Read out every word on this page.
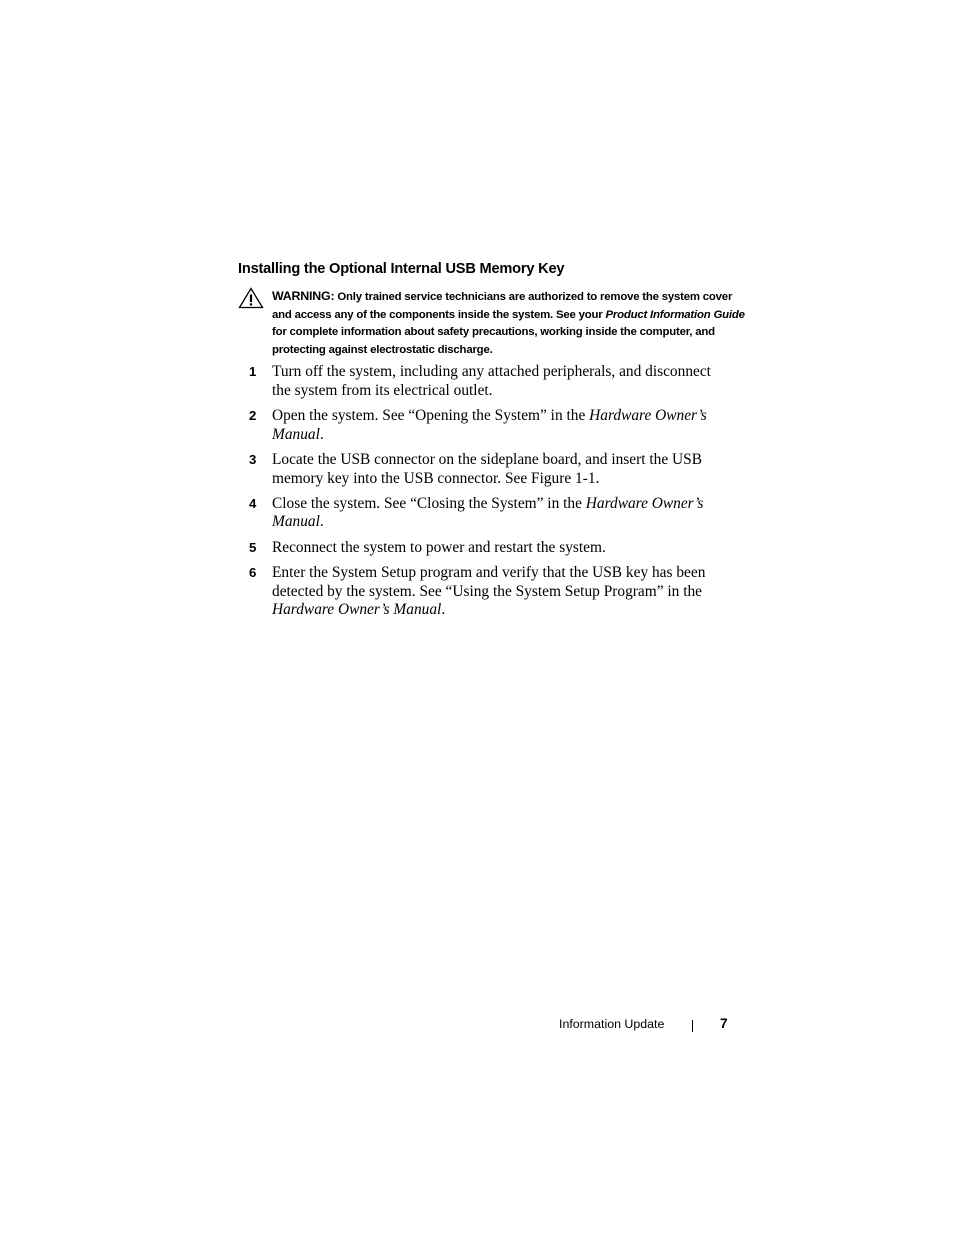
Installing the Optional Internal USB Memory Key
WARNING: Only trained service technicians are authorized to remove the system cover and access any of the components inside the system. See your Product Information Guide for complete information about safety precautions, working inside the computer, and protecting against electrostatic discharge.
1 Turn off the system, including any attached peripherals, and disconnect the system from its electrical outlet.
2 Open the system. See “Opening the System” in the Hardware Owner’s Manual.
3 Locate the USB connector on the sideplane board, and insert the USB memory key into the USB connector. See Figure 1-1.
4 Close the system. See “Closing the System” in the Hardware Owner’s Manual.
5 Reconnect the system to power and restart the system.
6 Enter the System Setup program and verify that the USB key has been detected by the system. See “Using the System Setup Program” in the Hardware Owner’s Manual.
Information Update	7
